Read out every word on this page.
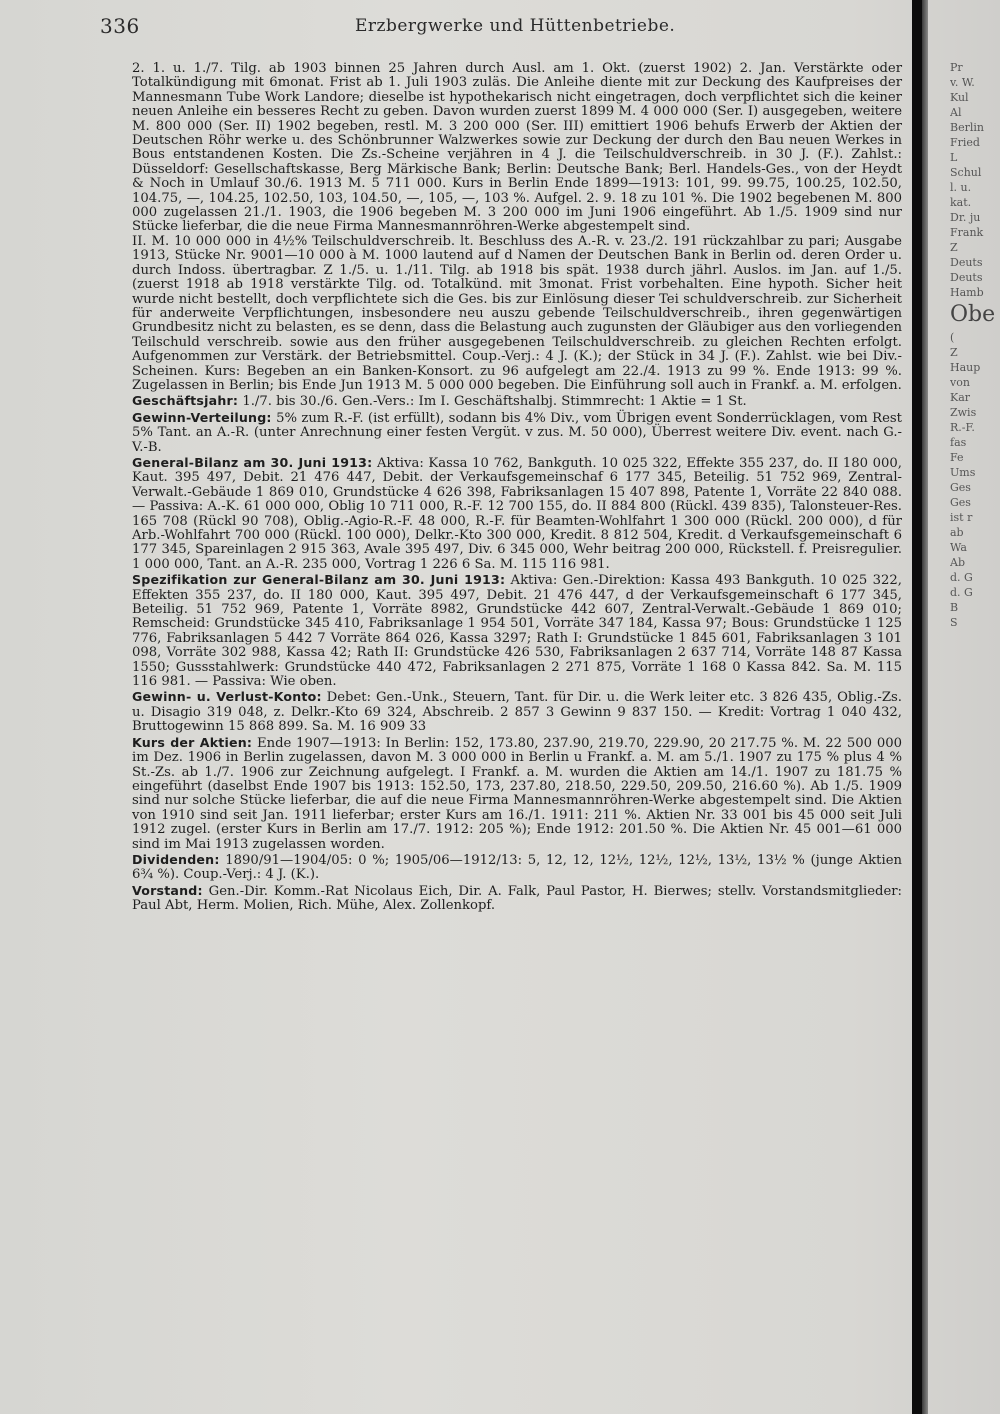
336	Erzbergwerke und Hüttenbetriebe.

2. 1. u. 1./7. Tilg. ab 1903 binnen 25 Jahren durch Ausl. am 1. Okt. (zuerst 1902) 2. Jan. Verstärkte oder Totalkündigung mit 6monat. Frist ab 1. Juli 1903 zuläs. Die Anleihe diente mit zur Deckung des Kaufpreises der Mannesmann Tube Work Landore; dieselbe ist hypothekarisch nicht eingetragen, doch verpflichtet sich die keiner neuen Anleihe ein besseres Recht zu geben. Davon wurden zuerst 1899 M. 4 000 000 (Ser. I) ausgegeben, weitere M. 800 000 (Ser. II) 1902 begeben, restl. M. 3 200 000 (Ser. III) emittiert 1906 behufs Erwerb der Aktien der Deutschen Röhr werke u. des Schönbrunner Walzwerkes sowie zur Deckung der durch den Bau neuen Werkes in Bous entstandenen Kosten. Die Zs.-Scheine verjähren in 4 J. die Teilschuldverschreib. in 30 J. (F.). Zahlst.: Düsseldorf: Gesellschaftskasse, Berg Märkische Bank; Berlin: Deutsche Bank; Berl. Handels-Ges., von der Heydt & Noch in Umlauf 30./6. 1913 M. 5 711 000. Kurs in Berlin Ende 1899—1913: 101, 99. 99.75, 100.25, 102.50, 104.75, —, 104.25, 102.50, 103, 104.50, —, 105, —, 103 %. Aufgel. 2. 9. 18 zu 101 %. Die 1902 begebenen M. 800 000 zugelassen 21./1. 1903, die 1906 begeben M. 3 200 000 im Juni 1906 eingeführt. Ab 1./5. 1909 sind nur Stücke lieferbar, die die neue Firma Mannesmannröhren-Werke abgestempelt sind.

II. M. 10 000 000 in 4½% Teilschuldverschreib. lt. Beschluss des A.-R. v. 23./2. 191 rückzahlbar zu pari; Ausgabe 1913, Stücke Nr. 9001—10 000 à M. 1000 lautend auf d Namen der Deutschen Bank in Berlin od. deren Order u. durch Indoss. übertragbar. Z 1./5. u. 1./11. Tilg. ab 1918 bis spät. 1938 durch jährl. Auslos. im Jan. auf 1./5. (zuerst 1918 ab 1918 verstärkte Tilg. od. Totalkünd. mit 3monat. Frist vorbehalten. Eine hypoth. Sicher heit wurde nicht bestellt, doch verpflichtete sich die Ges. bis zur Einlösung dieser Tei schuldverschreib. zur Sicherheit für anderweite Verpflichtungen, insbesondere neu auszu gebende Teilschuldverschreib., ihren gegenwärtigen Grundbesitz nicht zu belasten, es se denn, dass die Belastung auch zugunsten der Gläubiger aus den vorliegenden Teilschuld verschreib. sowie aus den früher ausgegebenen Teilschuldverschreib. zu gleichen Rechten erfolgt. Aufgenommen zur Verstärk. der Betriebsmittel. Coup.-Verj.: 4 J. (K.); der Stück in 34 J. (F.). Zahlst. wie bei Div.-Scheinen. Kurs: Begeben an ein Banken-Konsort. zu 96 aufgelegt am 22./4. 1913 zu 99 %. Ende 1913: 99 %. Zugelassen in Berlin; bis Ende Jun 1913 M. 5 000 000 begeben. Die Einführung soll auch in Frankf. a. M. erfolgen.

Geschäftsjahr: 1./7. bis 30./6. Gen.-Vers.: Im I. Geschäftshalbj. Stimmrecht: 1 Aktie = 1 St.

Gewinn-Verteilung: 5% zum R.-F. (ist erfüllt), sodann bis 4% Div., vom Übrigen event Sonderrücklagen, vom Rest 5% Tant. an A.-R. (unter Anrechnung einer festen Vergüt. v zus. M. 50 000), Überrest weitere Div. event. nach G.-V.-B.

General-Bilanz am 30. Juni 1913: Aktiva: Kassa 10 762, Bankguth. 10 025 322, Effekte 355 237, do. II 180 000, Kaut. 395 497, Debit. 21 476 447, Debit. der Verkaufsgemeinschaf 6 177 345, Beteilig. 51 752 969, Zentral-Verwalt.-Gebäude 1 869 010, Grundstücke 4 626 398, Fabriksanlagen 15 407 898, Patente 1, Vorräte 22 840 088. — Passiva: A.-K. 61 000 000, Oblig 10 711 000, R.-F. 12 700 155, do. II 884 800 (Rückl. 439 835), Talonsteuer-Res. 165 708 (Rückl 90 708), Oblig.-Agio-R.-F. 48 000, R.-F. für Beamten-Wohlfahrt 1 300 000 (Rückl. 200 000), d für Arb.-Wohlfahrt 700 000 (Rückl. 100 000), Delkr.-Kto 300 000, Kredit. 8 812 504, Kredit. d Verkaufsgemeinschaft 6 177 345, Spareinlagen 2 915 363, Avale 395 497, Div. 6 345 000, Wehr beitrag 200 000, Rückstell. f. Preisregulier. 1 000 000, Tant. an A.-R. 235 000, Vortrag 1 226 6 Sa. M. 115 116 981.

Spezifikation zur General-Bilanz am 30. Juni 1913: Aktiva: Gen.-Direktion: Kassa 493 Bankguth. 10 025 322, Effekten 355 237, do. II 180 000, Kaut. 395 497, Debit. 21 476 447, d der Verkaufsgemeinschaft 6 177 345, Beteilig. 51 752 969, Patente 1, Vorräte 8982, Grundstücke 442 607, Zentral-Verwalt.-Gebäude 1 869 010; Remscheid: Grundstücke 345 410, Fabriksanlage 1 954 501, Vorräte 347 184, Kassa 97; Bous: Grundstücke 1 125 776, Fabriksanlagen 5 442 7 Vorräte 864 026, Kassa 3297; Rath I: Grundstücke 1 845 601, Fabriksanlagen 3 101 098, Vorräte 302 988, Kassa 42; Rath II: Grundstücke 426 530, Fabriksanlagen 2 637 714, Vorräte 148 87 Kassa 1550; Gussstahlwerk: Grundstücke 440 472, Fabriksanlagen 2 271 875, Vorräte 1 168 0 Kassa 842. Sa. M. 115 116 981. — Passiva: Wie oben.

Gewinn- u. Verlust-Konto: Debet: Gen.-Unk., Steuern, Tant. für Dir. u. die Werk leiter etc. 3 826 435, Oblig.-Zs. u. Disagio 319 048, z. Delkr.-Kto 69 324, Abschreib. 2 857 3 Gewinn 9 837 150. — Kredit: Vortrag 1 040 432, Bruttogewinn 15 868 899. Sa. M. 16 909 33

Kurs der Aktien: Ende 1907—1913: In Berlin: 152, 173.80, 237.90, 219.70, 229.90, 20 217.75 %. M. 22 500 000 im Dez. 1906 in Berlin zugelassen, davon M. 3 000 000 in Berlin u Frankf. a. M. am 5./1. 1907 zu 175 % plus 4 % St.-Zs. ab 1./7. 1906 zur Zeichnung aufgelegt. I Frankf. a. M. wurden die Aktien am 14./1. 1907 zu 181.75 % eingeführt (daselbst Ende 1907 bis 1913: 152.50, 173, 237.80, 218.50, 229.50, 209.50, 216.60 %). Ab 1./5. 1909 sind nur solche Stücke lieferbar, die auf die neue Firma Mannesmannröhren-Werke abgestempelt sind. Die Aktien von 1910 sind seit Jan. 1911 lieferbar; erster Kurs am 16./1. 1911: 211 %. Aktien Nr. 33 001 bis 45 000 seit Juli 1912 zugel. (erster Kurs in Berlin am 17./7. 1912: 205 %); Ende 1912: 201.50 %. Die Aktien Nr. 45 001—61 000 sind im Mai 1913 zugelassen worden.

Dividenden: 1890/91—1904/05: 0 %; 1905/06—1912/13: 5, 12, 12, 12½, 12½, 12½, 13½, 13½ % (junge Aktien 6¾ %). Coup.-Verj.: 4 J. (K.).

Vorstand: Gen.-Dir. Komm.-Rat Nicolaus Eich, Dir. A. Falk, Paul Pastor, H. Bierwes; stellv. Vorstandsmitglieder: Paul Abt, Herm. Molien, Rich. Mühe, Alex. Zollenkopf.

Pr
v. W.
Kul
Al
Berlin
Fried
L
Schul
l. u.
kat.
Dr. ju
Frank
Z
Deuts
Deuts
Hamb
Obe
(
Z
Haup
von
Kar
Zwis
R.-F.
fas
Fe
Ums
Ges
Ges
ist r
ab
Wa
Ab
d. G
d. G
B
S
